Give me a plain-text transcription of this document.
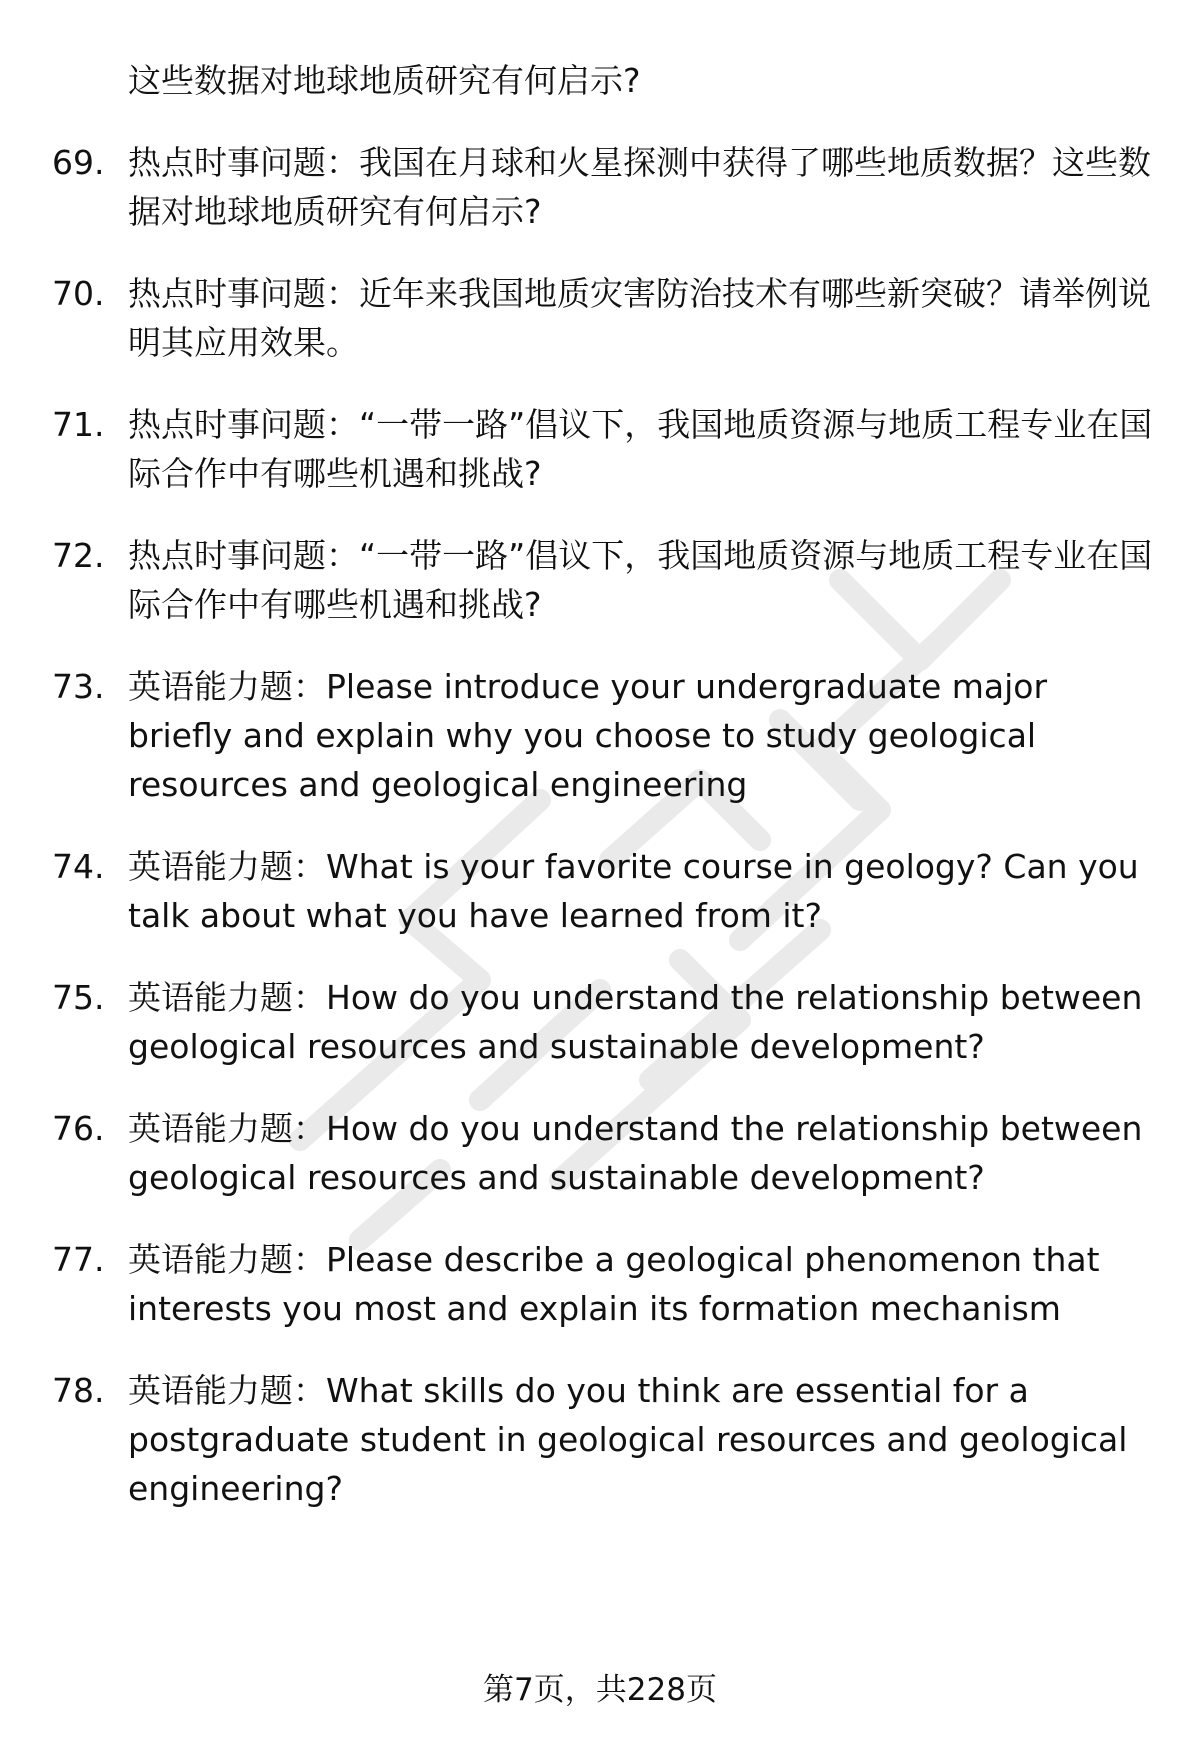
这些数据对地球地质研究有何启示?
69. 热点时事问题：我国在月球和火星探测中获得了哪些地质数据？这些数据对地球地质研究有何启示?
70. 热点时事问题：近年来我国地质灾害防治技术有哪些新突破？请举例说明其应用效果。
71. 热点时事问题：“一带一路”倡议下，我国地质资源与地质工程专业在国际合作中有哪些机遇和挑战?
72. 热点时事问题：“一带一路”倡议下，我国地质资源与地质工程专业在国际合作中有哪些机遇和挑战?
73. 英语能力题：Please introduce your undergraduate major briefly and explain why you choose to study geological resources and geological engineering
74. 英语能力题：What is your favorite course in geology? Can you talk about what you have learned from it?
75. 英语能力题：How do you understand the relationship between geological resources and sustainable development?
76. 英语能力题：How do you understand the relationship between geological resources and sustainable development?
77. 英语能力题：Please describe a geological phenomenon that interests you most and explain its formation mechanism
78. 英语能力题：What skills do you think are essential for a postgraduate student in geological resources and geological engineering?
第7页，共228页
